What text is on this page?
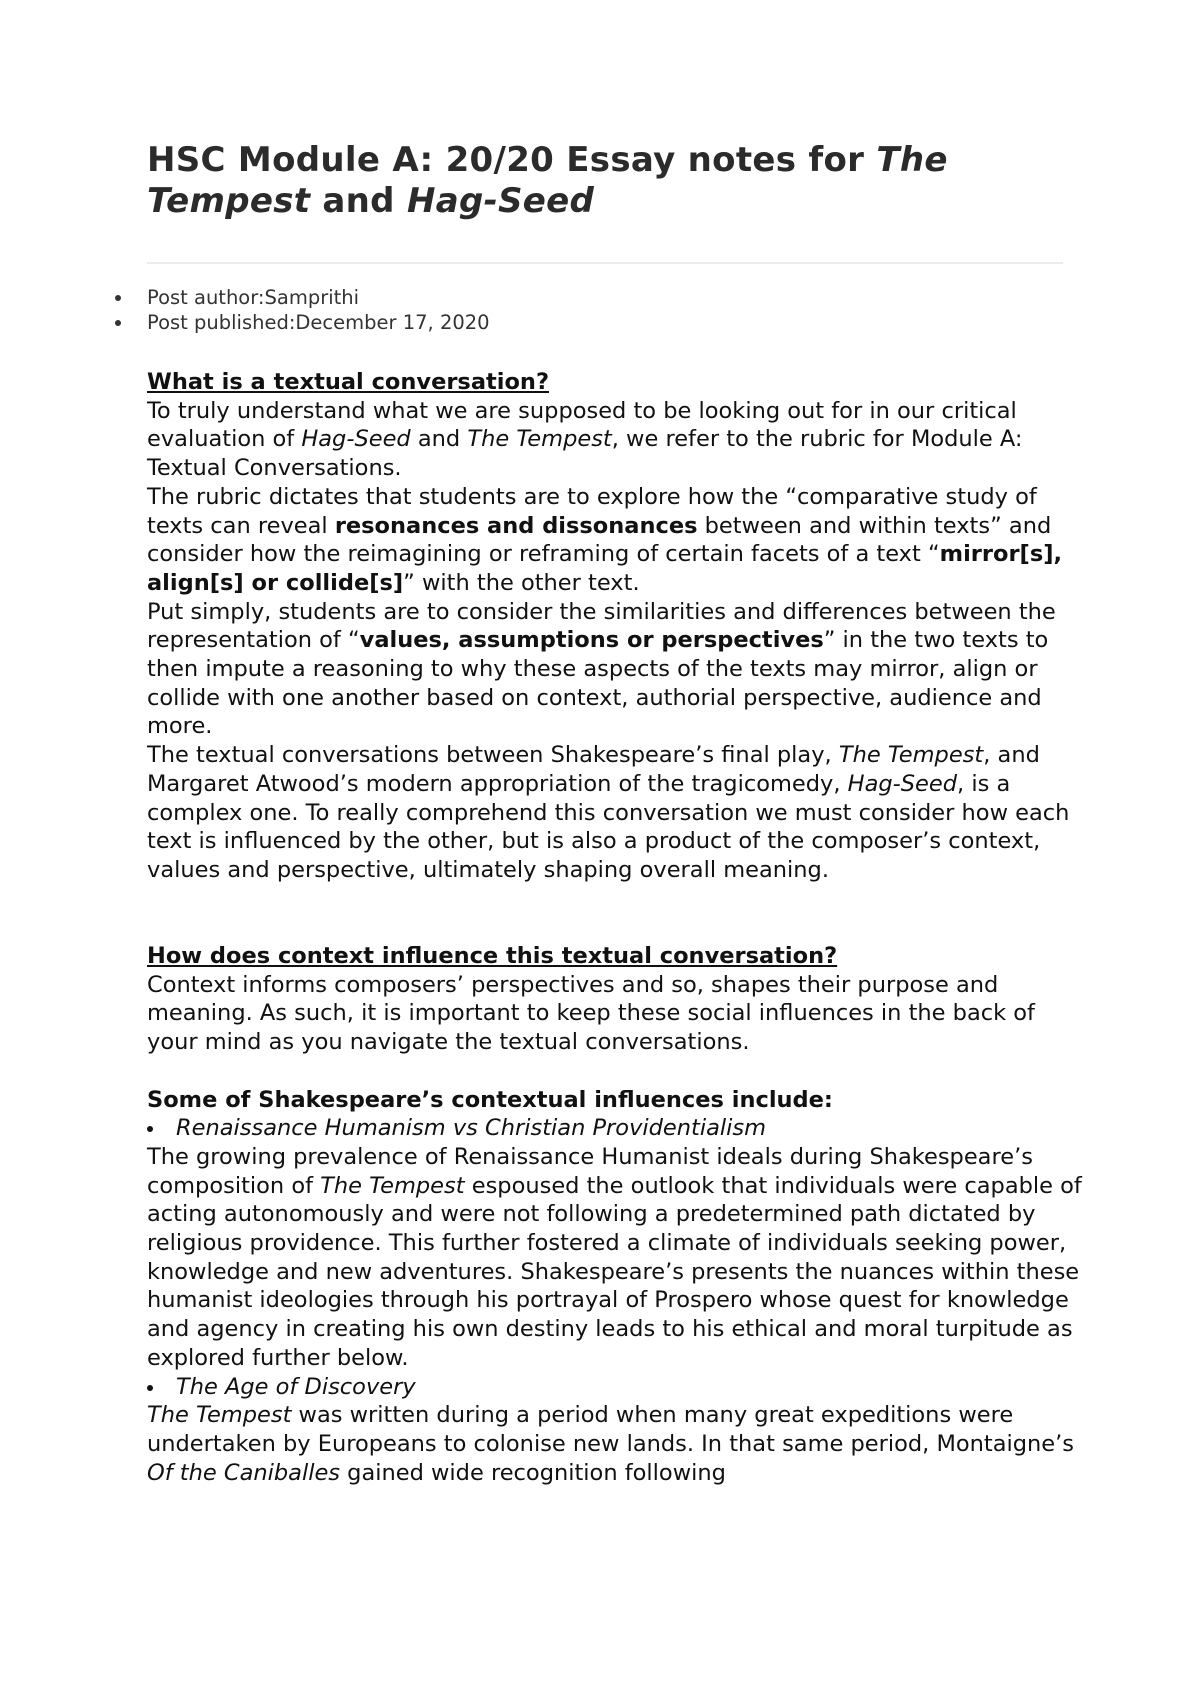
HSC Module A: 20/20 Essay notes for The
Tempest and Hag-Seed
Post author:Samprithi
Post published:December 17, 2020

What is a textual conversation?

To truly understand what we are supposed to be looking out for in our critical evaluation of Hag-Seed and The Tempest, we refer to the rubric for Module A: Textual Conversations.

The rubric dictates that students are to explore how the “comparative study of texts can reveal resonances and dissonances between and within texts” and consider how the reimagining or reframing of certain facets of a text “mirror[s], align[s] or collide[s]” with the other text.

Put simply, students are to consider the similarities and differences between the representation of “values, assumptions or perspectives” in the two texts to then impute a reasoning to why these aspects of the texts may mirror, align or collide with one another based on context, authorial perspective, audience and more.

The textual conversations between Shakespeare’s final play, The Tempest, and Margaret Atwood’s modern appropriation of the tragicomedy, Hag-Seed, is a complex one. To really comprehend this conversation we must consider how each text is influenced by the other, but is also a product of the composer’s context, values and perspective, ultimately shaping overall meaning.

How does context influence this textual conversation?

Context informs composers’ perspectives and so, shapes their purpose and meaning. As such, it is important to keep these social influences in the back of your mind as you navigate the textual conversations.

Some of Shakespeare’s contextual influences include:

Renaissance Humanism vs Christian Providentialism

The growing prevalence of Renaissance Humanist ideals during Shakespeare’s composition of The Tempest espoused the outlook that individuals were capable of acting autonomously and were not following a predetermined path dictated by religious providence. This further fostered a climate of individuals seeking power, knowledge and new adventures. Shakespeare’s presents the nuances within these humanist ideologies through his portrayal of Prospero whose quest for knowledge and agency in creating his own destiny leads to his ethical and moral turpitude as explored further below.

The Age of Discovery

The Tempest was written during a period when many great expeditions were undertaken by Europeans to colonise new lands. In that same period, Montaigne’s Of the Caniballes gained wide recognition following
